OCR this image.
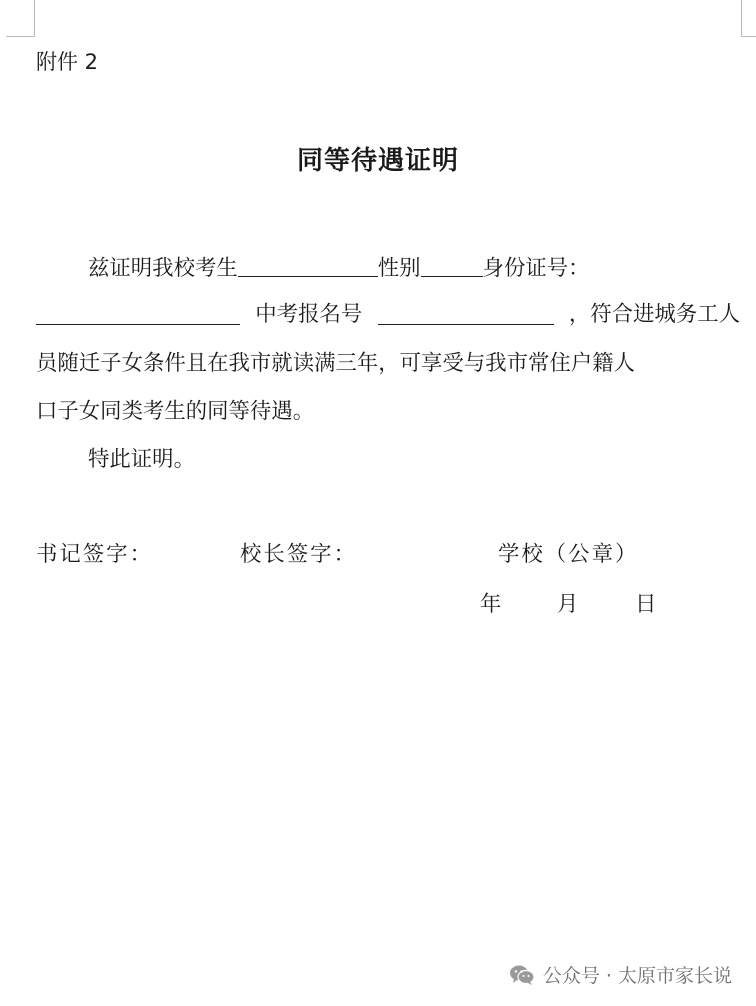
附件 2
同等待遇证明
兹证明我校考生	性别	身份证号：
中考报名号	，符合进城务工人
员随迁子女条件且在我市就读满三年，可享受与我市常住户籍人
口子女同类考生的同等待遇。
特此证明。
书记签字：	校长签字：	学校（公章）
年	月	日
公众号 · 太原市家长说
